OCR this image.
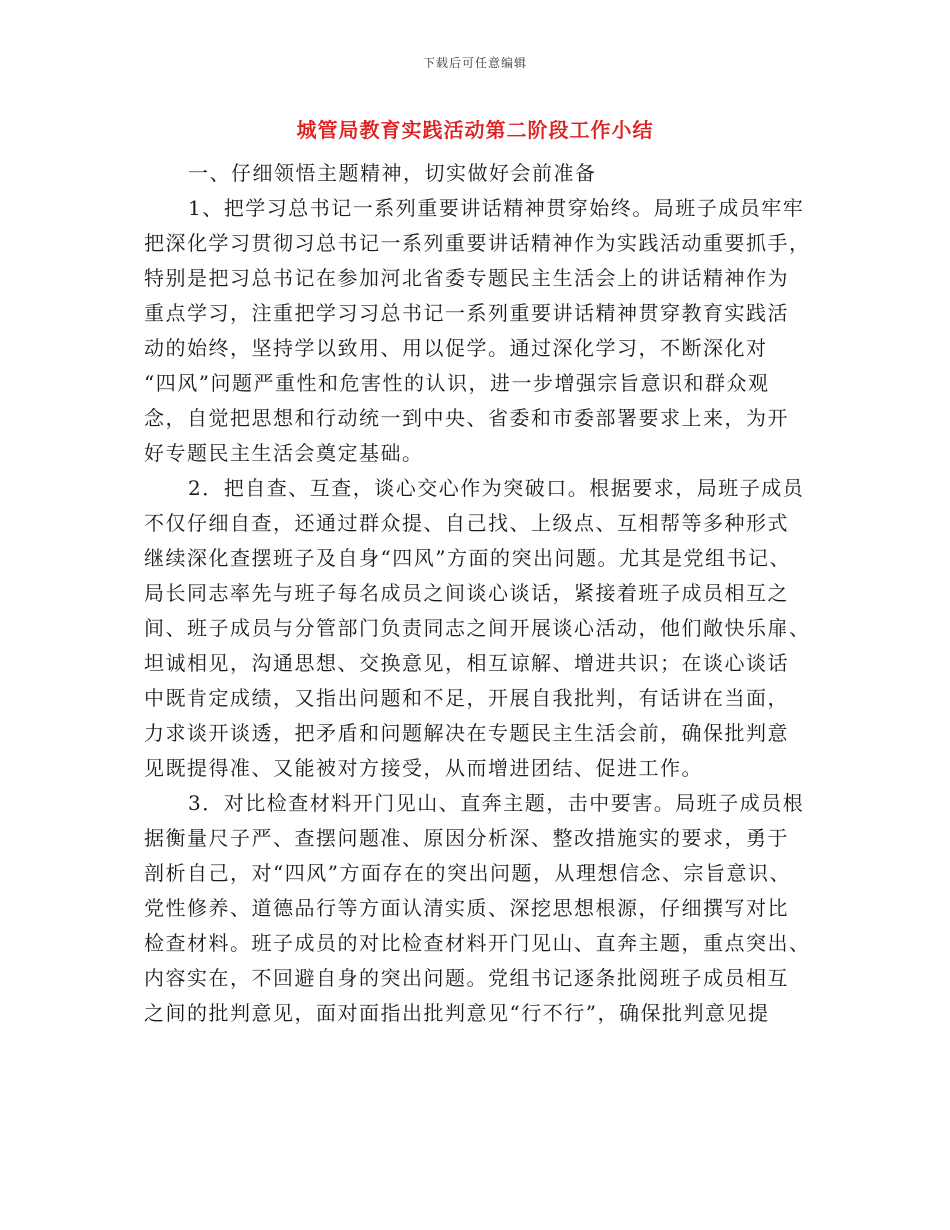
下载后可任意编辑
城管局教育实践活动第二阶段工作小结
一、仔细领悟主题精神，切实做好会前准备
1、把学习总书记一系列重要讲话精神贯穿始终。局班子成员牢牢
把深化学习贯彻习总书记一系列重要讲话精神作为实践活动重要抓手，
特别是把习总书记在参加河北省委专题民主生活会上的讲话精神作为
重点学习，注重把学习习总书记一系列重要讲话精神贯穿教育实践活
动的始终，坚持学以致用、用以促学。通过深化学习，不断深化对
“四风”问题严重性和危害性的认识，进一步增强宗旨意识和群众观
念，自觉把思想和行动统一到中央、省委和市委部署要求上来，为开
好专题民主生活会奠定基础。
2．把自查、互查，谈心交心作为突破口。根据要求，局班子成员
不仅仔细自查，还通过群众提、自己找、上级点、互相帮等多种形式
继续深化查摆班子及自身“四风”方面的突出问题。尤其是党组书记、
局长同志率先与班子每名成员之间谈心谈话，紧接着班子成员相互之
间、班子成员与分管部门负责同志之间开展谈心活动，他们敞快乐扉、
坦诚相见，沟通思想、交换意见，相互谅解、增进共识；在谈心谈话
中既肯定成绩，又指出问题和不足，开展自我批判，有话讲在当面，
力求谈开谈透，把矛盾和问题解决在专题民主生活会前，确保批判意
见既提得准、又能被对方接受，从而增进团结、促进工作。
3．对比检查材料开门见山、直奔主题，击中要害。局班子成员根
据衡量尺子严、查摆问题准、原因分析深、整改措施实的要求，勇于
剖析自己，对“四风”方面存在的突出问题，从理想信念、宗旨意识、
党性修养、道德品行等方面认清实质、深挖思想根源，仔细撰写对比
检查材料。班子成员的对比检查材料开门见山、直奔主题，重点突出、
内容实在，不回避自身的突出问题。党组书记逐条批阅班子成员相互
之间的批判意见，面对面指出批判意见“行不行”，确保批判意见提
